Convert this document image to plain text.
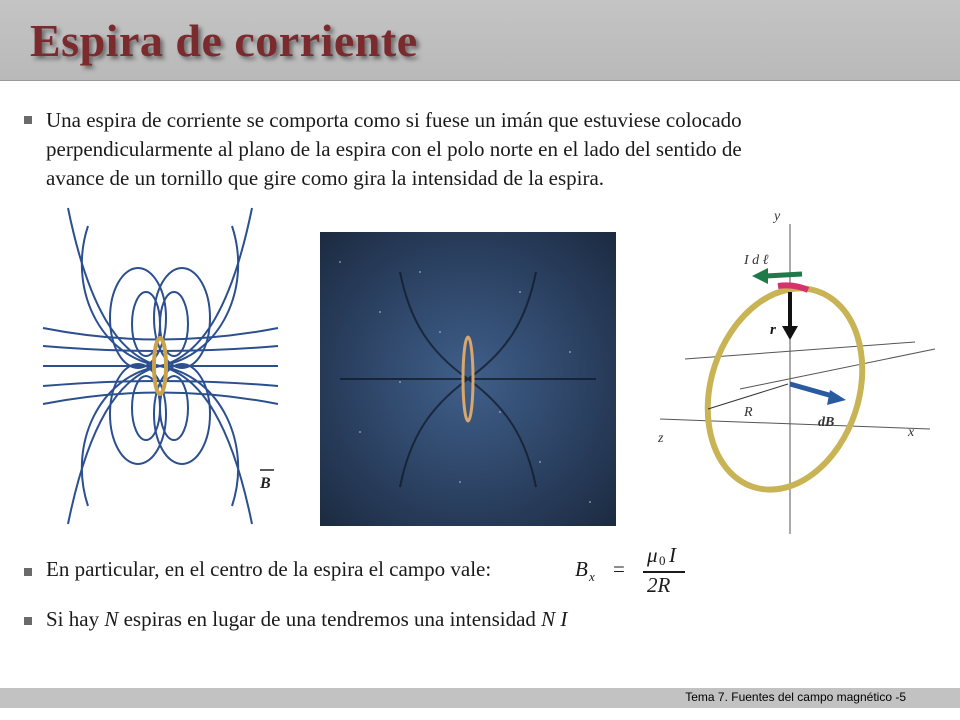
Espira de corriente
Una espira de corriente se comporta como si fuese un imán que estuviese colocado
perpendicularmente al plano de la espira con el polo norte en el lado del sentido de
avance de un tornillo que gire como gira la intensidad de la espira.
B
y
x
z
I d ℓ
r
R
dB
En particular, en el centro de la espira el campo vale:	B x =
μ 0 I
2R
Si hay N espiras en lugar de una tendremos una intensidad N I
Tema 7. Fuentes del campo magnético -5
